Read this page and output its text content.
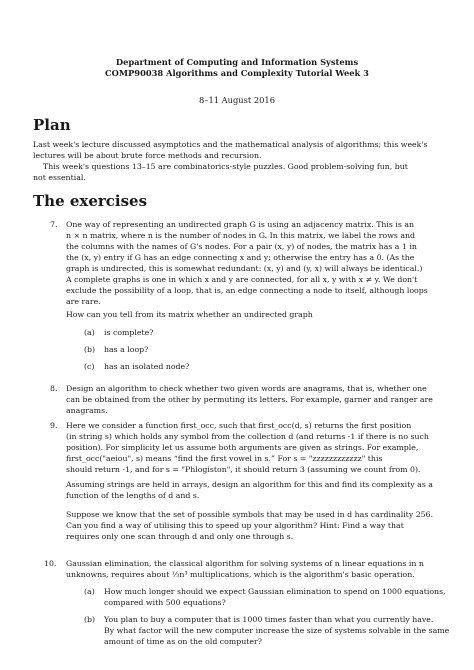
Department of Computing and Information Systems
COMP90038 Algorithms and Complexity Tutorial Week 3
8–11 August 2016
Plan
Last week's lecture discussed asymptotics and the mathematical analysis of algorithms; this week's
lectures will be about brute force methods and recursion.
This week's questions 13–15 are combinatorics-style puzzles. Good problem-solving fun, but
not essential.
The exercises
7. One way of representing an undirected graph G is using an adjacency matrix. This is an
n × n matrix, where n is the number of nodes in G. In this matrix, we label the rows and
the columns with the names of G's nodes. For a pair (x, y) of nodes, the matrix has a 1 in
the (x, y) entry if G has an edge connecting x and y; otherwise the entry has a 0. (As the
graph is undirected, this is somewhat redundant: (x, y) and (y, x) will always be identical.)
A complete graphs is one in which x and y are connected, for all x, y with x ≠ y. We don't
exclude the possibility of a loop, that is, an edge connecting a node to itself, although loops
are rare.
How can you tell from its matrix whether an undirected graph
(a) is complete?
(b) has a loop?
(c) has an isolated node?
8. Design an algorithm to check whether two given words are anagrams, that is, whether one
can be obtained from the other by permuting its letters. For example, garner and ranger are
anagrams.
9. Here we consider a function first_occ, such that first_occ(d, s) returns the first position
(in string s) which holds any symbol from the collection d (and returns -1 if there is no such
position). For simplicity let us assume both arguments are given as strings. For example,
first_occ("aeiou", s) means “find the first vowel in s.” For s = "zzzzzzzzzzzz" this
should return -1, and for s = "Phlogiston", it should return 3 (assuming we count from 0).
Assuming strings are held in arrays, design an algorithm for this and find its complexity as a
function of the lengths of d and s.
Suppose we know that the set of possible symbols that may be used in d has cardinality 256.
Can you find a way of utilising this to speed up your algorithm? Hint: Find a way that
requires only one scan through d and only one through s.
10. Gaussian elimination, the classical algorithm for solving systems of n linear equations in n
unknowns, requires about ⅓n³ multiplications, which is the algorithm's basic operation.
(a) How much longer should we expect Gaussian elimination to spend on 1000 equations,
compared with 500 equations?
(b) You plan to buy a computer that is 1000 times faster than what you currently have.
By what factor will the new computer increase the size of systems solvable in the same
amount of time as on the old computer?
